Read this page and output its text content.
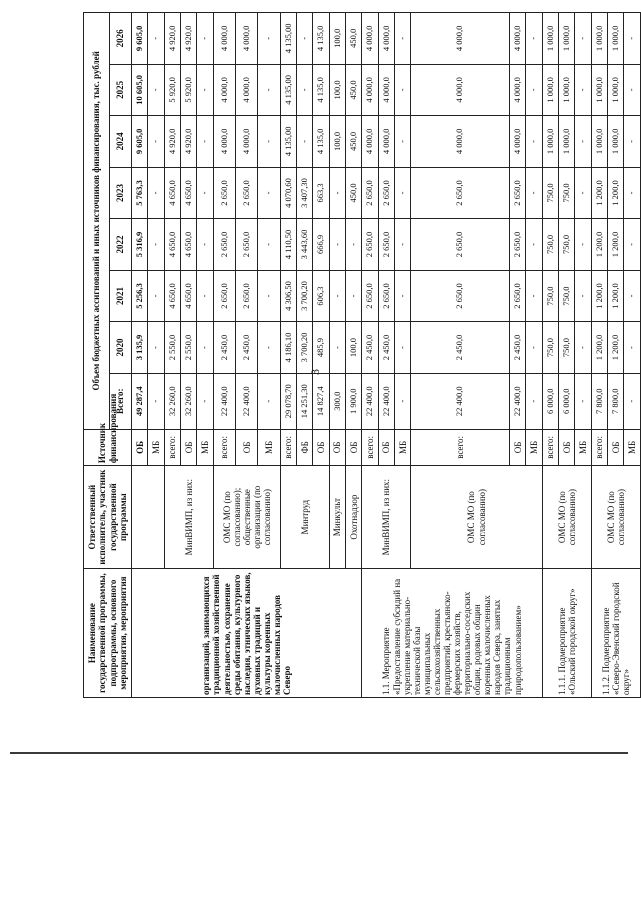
3
Наименование государственной программы, подпрограммы, основного мероприятия, мероприятия	Ответственный исполнитель, участник государственной программы	Источник финансирования	Объем бюджетных ассигнований и иных источников финансирования, тыс. рублей							
			Всего:	2020	2021	2022	2023	2024	2025	2026
организаций, занимающихся традиционной хозяйственной деятельностью, сохранение среды обитания, культурного наследия, этнических языков, духовных традиций и культуры коренных малочисленных народов Северо		ОБ	49 287,4	3 135,9	5 256,3	5 316,9	5 763,3	9 605,0	10 605,0	9 605,0
		МБ	-	-	-	-	-	-	-	-
	МинВИМП, из них:	всего:	32 260,0	2 550,0	4 650,0	4 650,0	4 650,0	4 920,0	5 920,0	4 920,0
		ОБ	32 260,0	2 550,0	4 650,0	4 650,0	4 650,0	4 920,0	5 920,0	4 920,0
		МБ	-	-	-	-	-	-	-	-
	ОМС МО (по согласованию); общественные организации (по согласованию)	всего:	22 400,0	2 450,0	2 650,0	2 650,0	2 650,0	4 000,0	4 000,0	4 000,0
		ОБ	22 400,0	2 450,0	2 650,0	2 650,0	2 650,0	4 000,0	4 000,0	4 000,0
		МБ	-	-	-	-	-	-	-	-
	Минтруд	всего:	29 078,70	4 186,10	4 306,50	4 110,50	4 070,60	4 135,00	4 135,00	4 135,00
		ФБ	14 251,30	3 700,20	3 700,20	3 443,60	3 407,30	-	-	-
		ОБ	14 827,4	485,9	606,3	666,9	663,3	4 135,0	4 135,0	4 135,0
	Минкульт	ОБ	300,0	-	-	-	-	100,0	100,0	100,0
	Охотнадзор	ОБ	1 900,0	100,0	-	-	450,0	450,0	450,0	450,0
1.1. Мероприятие «Предоставление субсидий на укрепление материально-технической базы муниципальных сельскохозяйственных предприятий, крестьянско-фермерских хозяйств, территориально-соседских общин, родовых общин коренных малочисленных народов Севера, занятых традиционным природопользованием»	МинВИМП, из них:	всего:	22 400,0	2 450,0	2 650,0	2 650,0	2 650,0	4 000,0	4 000,0	4 000,0
		ОБ	22 400,0	2 450,0	2 650,0	2 650,0	2 650,0	4 000,0	4 000,0	4 000,0
		МБ	-	-	-	-	-	-	-	-
	ОМС МО (по согласованию)	всего:	22 400,0	2 450,0	2 650,0	2 650,0	2 650,0	4 000,0	4 000,0	4 000,0
		ОБ	22 400,0	2 450,0	2 650,0	2 650,0	2 650,0	4 000,0	4 000,0	4 000,0
		МБ	-	-	-	-	-	-	-	-
1.1.1. Подмероприятие «Ольский городской округ»	ОМС МО (по согласованию)	всего:	6 000,0	750,0	750,0	750,0	750,0	1 000,0	1 000,0	1 000,0
		ОБ	6 000,0	750,0	750,0	750,0	750,0	1 000,0	1 000,0	1 000,0
		МБ	-	-	-	-	-	-	-	-
1.1.2. Подмероприятие «Северо-Эвенский городской округ»	ОМС МО (по согласованию)	всего:	7 800,0	1 200,0	1 200,0	1 200,0	1 200,0	1 000,0	1 000,0	1 000,0
		ОБ	7 800,0	1 200,0	1 200,0	1 200,0	1 200,0	1 000,0	1 000,0	1 000,0
		МБ	-	-	-	-	-	-	-	-
